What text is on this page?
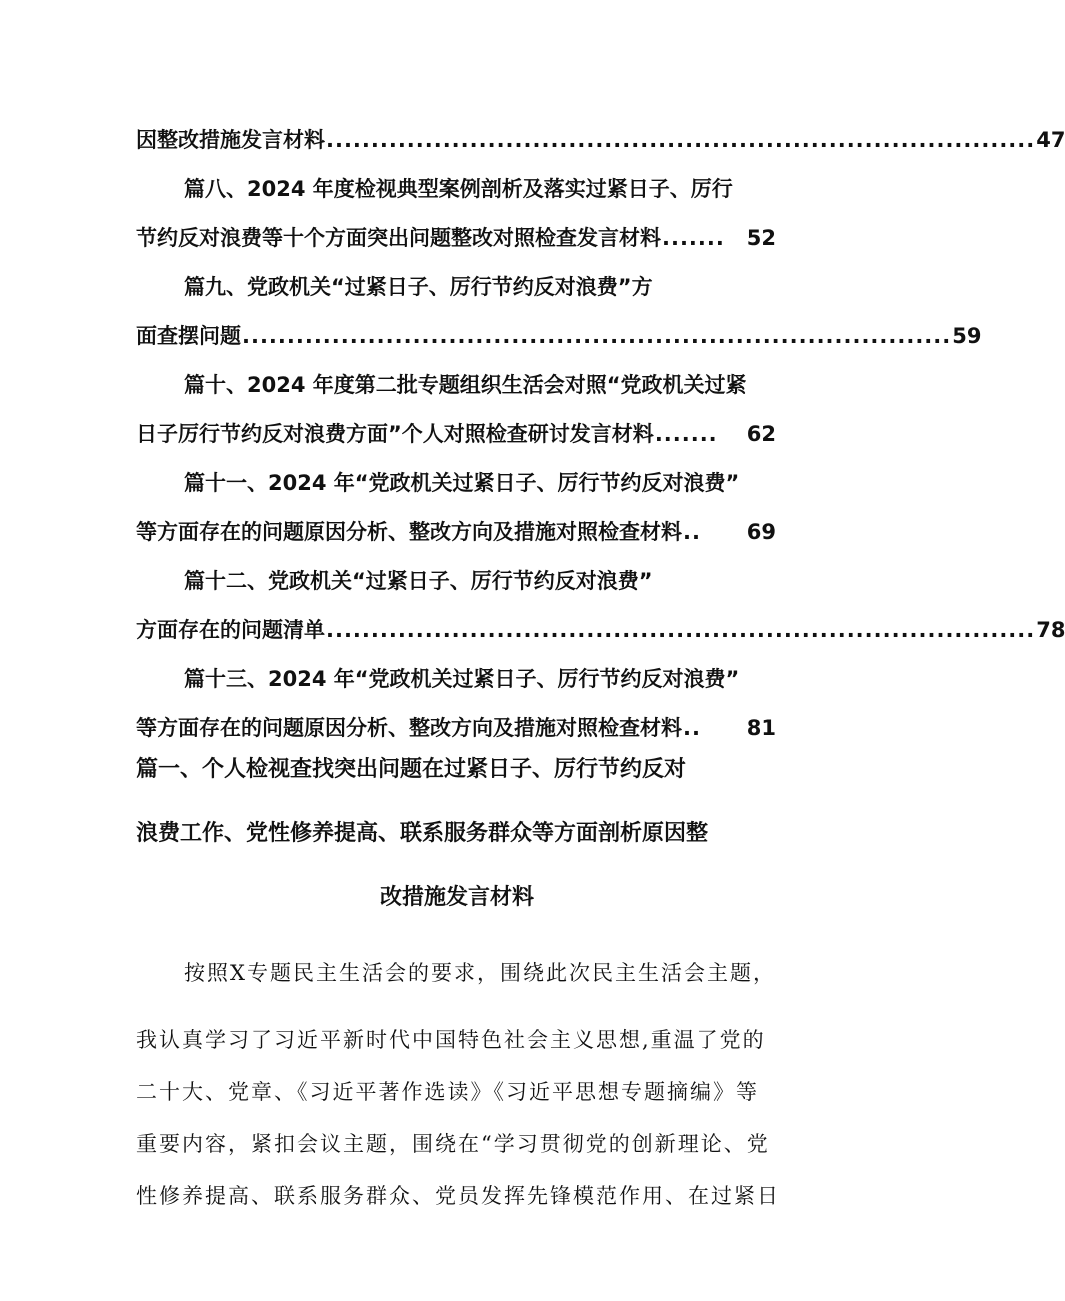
因整改措施发言材料 ............................................................................... 47
篇八、2024 年度检视典型案例剖析及落实过紧日子、厉行
节约反对浪费等十个方面突出问题整改对照检查发言材料 .......	52
篇九、党政机关“过紧日子、厉行节约反对浪费”方
面查摆问题 ............................................................................... 59
篇十、2024 年度第二批专题组织生活会对照“党政机关过紧
日子厉行节约反对浪费方面”个人对照检查研讨发言材料 .......	62
篇十一、2024 年“党政机关过紧日子、厉行节约反对浪费”
等方面存在的问题原因分析、整改方向及措施对照检查材料 ..	69
篇十二、党政机关“过紧日子、厉行节约反对浪费”
方面存在的问题清单 ............................................................................... 78
篇十三、2024 年“党政机关过紧日子、厉行节约反对浪费”
等方面存在的问题原因分析、整改方向及措施对照检查材料 ..	81
篇一、个人检视查找突出问题在过紧日子、厉行节约反对
浪费工作、党性修养提高、联系服务群众等方面剖析原因整
改措施发言材料
按照X专题民主生活会的要求，围绕此次民主生活会主题，
我认真学习了习近平新时代中国特色社会主义思想,重温了党的
二十大、党章、《习近平著作选读》《习近平思想专题摘编》等
重要内容，紧扣会议主题，围绕在“学习贯彻党的创新理论、党
性修养提高、联系服务群众、党员发挥先锋模范作用、在过紧日
